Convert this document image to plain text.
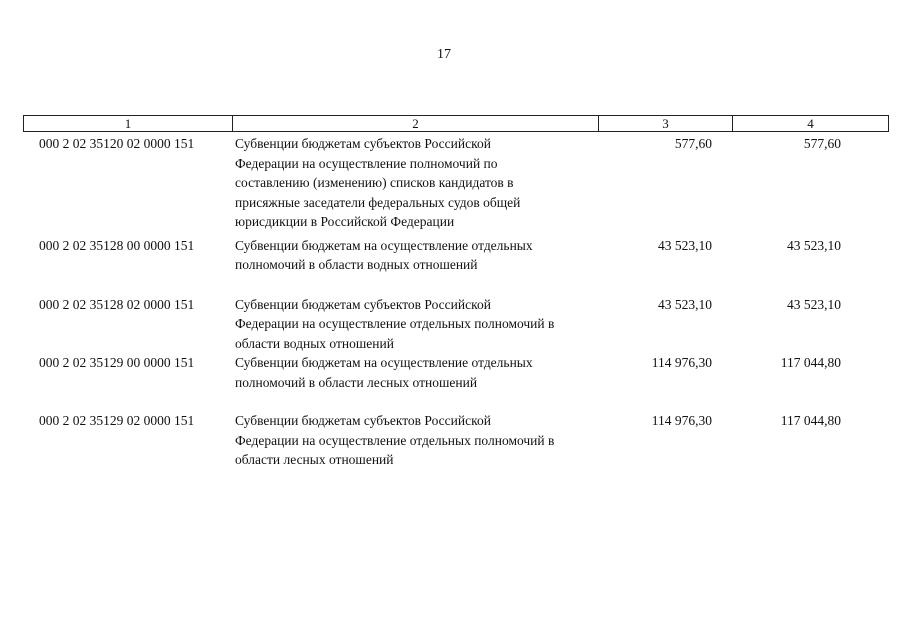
17
1	2	3	4
000 2 02 35120 02 0000 151	Субвенции бюджетам субъектов Российской
Федерации на осуществление полномочий по
составлению (изменению) списков кандидатов в
присяжные заседатели федеральных судов общей
юрисдикции в Российской Федерации
577,60	577,60
000 2 02 35128 00 0000 151	Субвенции бюджетам на осуществление отдельных
полномочий в области водных отношений
43 523,10	43 523,10
000 2 02 35128 02 0000 151	Субвенции бюджетам субъектов Российской
Федерации на осуществление отдельных полномочий в
области водных отношений
43 523,10	43 523,10
000 2 02 35129 00 0000 151	Субвенции бюджетам на осуществление отдельных
полномочий в области лесных отношений
114 976,30	117 044,80
000 2 02 35129 02 0000 151	Субвенции бюджетам субъектов Российской
Федерации на осуществление отдельных полномочий в
области лесных отношений
114 976,30	117 044,80
